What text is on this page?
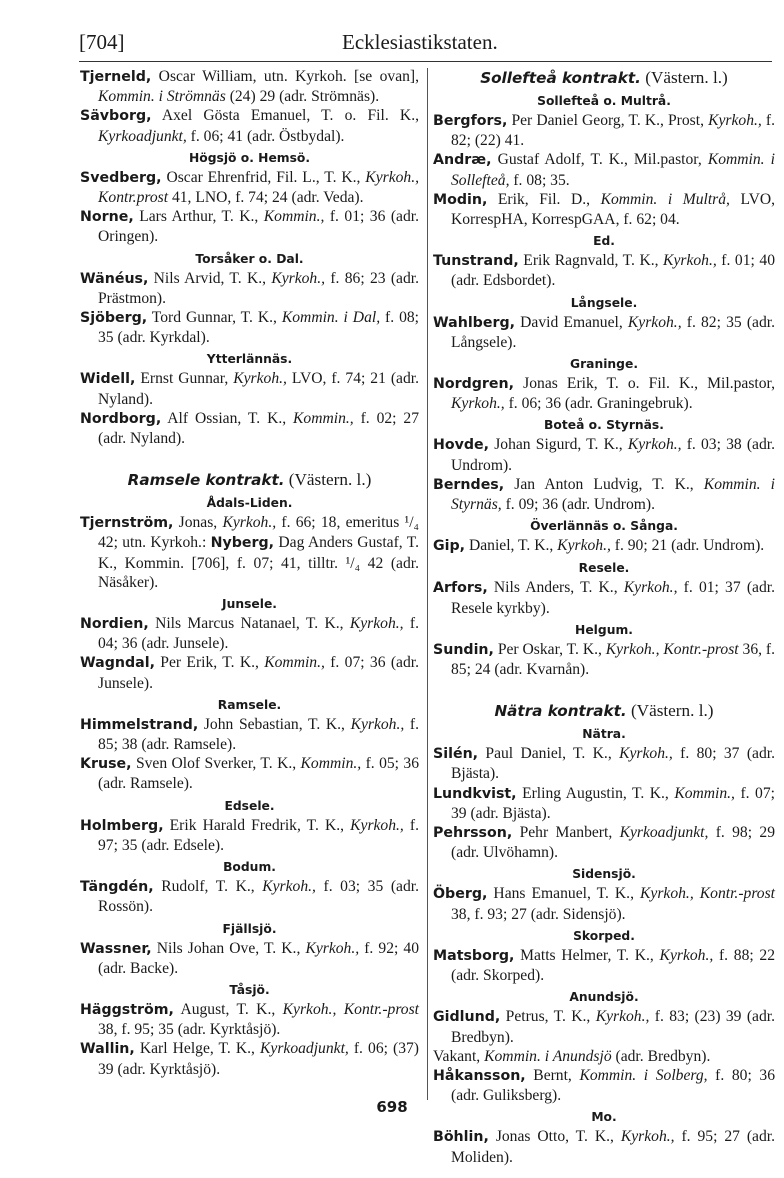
[704]	Ecklesiastikstaten.
Tjerneld, Oscar William, utn. Kyrkoh. [se ovan], Kommin. i Strömnäs (24) 29 (adr. Strömnäs).
Sävborg, Axel Gösta Emanuel, T. o. Fil. K., Kyrkoadjunkt, f. 06; 41 (adr. Östbydal).
Högsjö o. Hemsö.
Svedberg, Oscar Ehrenfrid, Fil. L., T. K., Kyrkoh., Kontr.prost 41, LNO, f. 74; 24 (adr. Veda).
Norne, Lars Arthur, T. K., Kommin., f. 01; 36 (adr. Oringen).
Torsåker o. Dal.
Wänéus, Nils Arvid, T. K., Kyrkoh., f. 86; 23 (adr. Prästmon).
Sjöberg, Tord Gunnar, T. K., Kommin. i Dal, f. 08; 35 (adr. Kyrkdal).
Ytterlännäs.
Widell, Ernst Gunnar, Kyrkoh., LVO, f. 74; 21 (adr. Nyland).
Nordborg, Alf Ossian, T. K., Kommin., f. 02; 27 (adr. Nyland).
Ramsele kontrakt. (Västern. l.)
Ådals-Liden.
Tjernström, Jonas, Kyrkoh., f. 66; 18, emeritus ¹/₄ 42; utn. Kyrkoh.: Nyberg, Dag Anders Gustaf, T. K., Kommin. [706], f. 07; 41, tilltr. ¹/₄ 42 (adr. Näsåker).
Junsele.
Nordien, Nils Marcus Natanael, T. K., Kyrkoh., f. 04; 36 (adr. Junsele).
Wagndal, Per Erik, T. K., Kommin., f. 07; 36 (adr. Junsele).
Ramsele.
Himmelstrand, John Sebastian, T. K., Kyrkoh., f. 85; 38 (adr. Ramsele).
Kruse, Sven Olof Sverker, T. K., Kommin., f. 05; 36 (adr. Ramsele).
Edsele.
Holmberg, Erik Harald Fredrik, T. K., Kyrkoh., f. 97; 35 (adr. Edsele).
Bodum.
Tängdén, Rudolf, T. K., Kyrkoh., f. 03; 35 (adr. Rossön).
Fjällsjö.
Wassner, Nils Johan Ove, T. K., Kyrkoh., f. 92; 40 (adr. Backe).
Tåsjö.
Häggström, August, T. K., Kyrkoh., Kontr.-prost 38, f. 95; 35 (adr. Kyrktåsjö).
Wallin, Karl Helge, T. K., Kyrkoadjunkt, f. 06; (37) 39 (adr. Kyrktåsjö).
Sollefteå kontrakt. (Västern. l.)
Sollefteå o. Multrå.
Bergfors, Per Daniel Georg, T. K., Prost, Kyrkoh., f. 82; (22) 41.
Andræ, Gustaf Adolf, T. K., Mil.pastor, Kommin. i Sollefteå, f. 08; 35.
Modin, Erik, Fil. D., Kommin. i Multrå, LVO, KorrespHA, KorrespGAA, f. 62; 04.
Ed.
Tunstrand, Erik Ragnvald, T. K., Kyrkoh., f. 01; 40 (adr. Edsbordet).
Långsele.
Wahlberg, David Emanuel, Kyrkoh., f. 82; 35 (adr. Långsele).
Graninge.
Nordgren, Jonas Erik, T. o. Fil. K., Mil.pastor, Kyrkoh., f. 06; 36 (adr. Graningebruk).
Boteå o. Styrnäs.
Hovde, Johan Sigurd, T. K., Kyrkoh., f. 03; 38 (adr. Undrom).
Berndes, Jan Anton Ludvig, T. K., Kommin. i Styrnäs, f. 09; 36 (adr. Undrom).
Överlännäs o. Sånga.
Gip, Daniel, T. K., Kyrkoh., f. 90; 21 (adr. Undrom).
Resele.
Arfors, Nils Anders, T. K., Kyrkoh., f. 01; 37 (adr. Resele kyrkby).
Helgum.
Sundin, Per Oskar, T. K., Kyrkoh., Kontr.-prost 36, f. 85; 24 (adr. Kvarnån).
Nätra kontrakt. (Västern. l.)
Nätra.
Silén, Paul Daniel, T. K., Kyrkoh., f. 80; 37 (adr. Bjästa).
Lundkvist, Erling Augustin, T. K., Kommin., f. 07; 39 (adr. Bjästa).
Pehrsson, Pehr Manbert, Kyrkoadjunkt, f. 98; 29 (adr. Ulvöhamn).
Sidensjö.
Öberg, Hans Emanuel, T. K., Kyrkoh., Kontr.-prost 38, f. 93; 27 (adr. Sidensjö).
Skorped.
Matsborg, Matts Helmer, T. K., Kyrkoh., f. 88; 22 (adr. Skorped).
Anundsjö.
Gidlund, Petrus, T. K., Kyrkoh., f. 83; (23) 39 (adr. Bredbyn).
Vakant, Kommin. i Anundsjö (adr. Bredbyn).
Håkansson, Bernt, Kommin. i Solberg, f. 80; 36 (adr. Guliksberg).
Mo.
Böhlin, Jonas Otto, T. K., Kyrkoh., f. 95; 27 (adr. Moliden).
698
